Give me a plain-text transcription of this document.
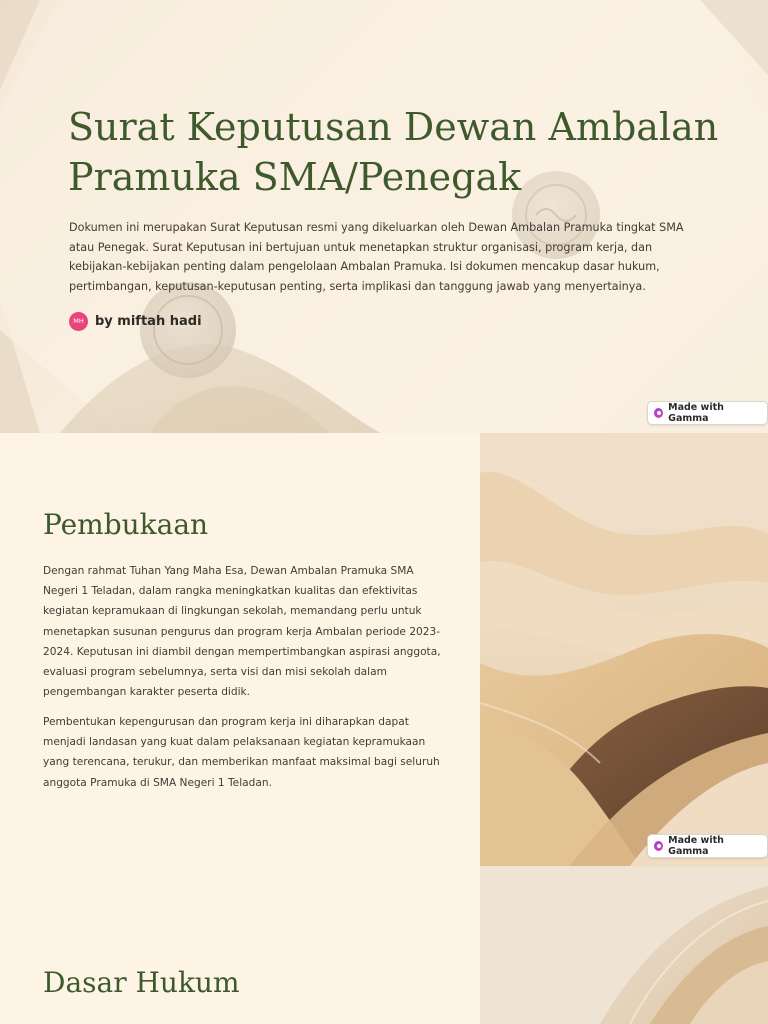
Surat Keputusan Dewan Ambalan Pramuka SMA/Penegak

Dokumen ini merupakan Surat Keputusan resmi yang dikeluarkan oleh Dewan Ambalan Pramuka tingkat SMA atau Penegak. Surat Keputusan ini bertujuan untuk menetapkan struktur organisasi, program kerja, dan kebijakan-kebijakan penting dalam pengelolaan Ambalan Pramuka. Isi dokumen mencakup dasar hukum, pertimbangan, keputusan-keputusan penting, serta implikasi dan tanggung jawab yang menyertainya.

MH by miftah hadi
Made with Gamma
Pembukaan

Dengan rahmat Tuhan Yang Maha Esa, Dewan Ambalan Pramuka SMA Negeri 1 Teladan, dalam rangka meningkatkan kualitas dan efektivitas kegiatan kepramukaan di lingkungan sekolah, memandang perlu untuk menetapkan susunan pengurus dan program kerja Ambalan periode 2023-2024. Keputusan ini diambil dengan mempertimbangkan aspirasi anggota, evaluasi program sebelumnya, serta visi dan misi sekolah dalam pengembangan karakter peserta didik.

Pembentukan kepengurusan dan program kerja ini diharapkan dapat menjadi landasan yang kuat dalam pelaksanaan kegiatan kepramukaan yang terencana, terukur, dan memberikan manfaat maksimal bagi seluruh anggota Pramuka di SMA Negeri 1 Teladan.

Made with Gamma
Dasar Hukum
